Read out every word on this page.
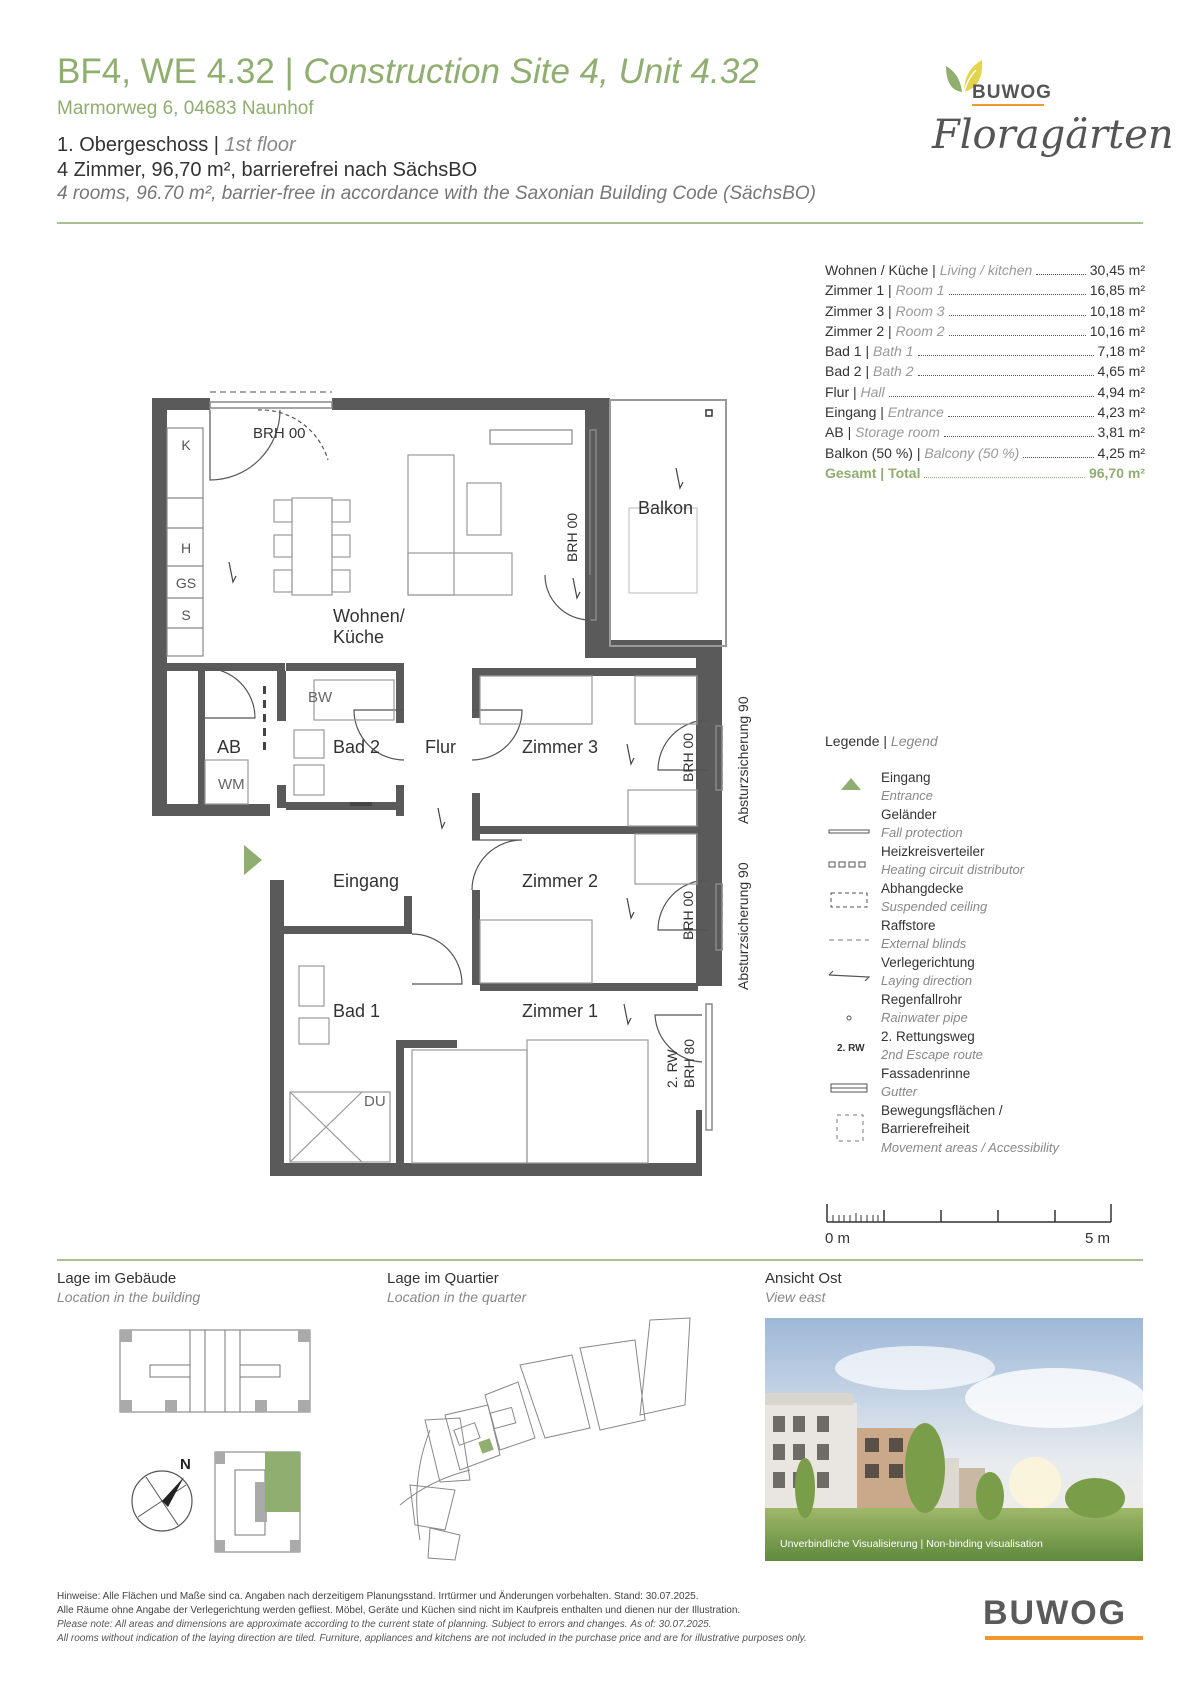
BF4, WE 4.32 | Construction Site 4, Unit 4.32
Marmorweg 6, 04683 Naunhof
1. Obergeschoss | 1st floor
4 Zimmer, 96,70 m², barrierefrei nach SächsBO
4 rooms, 96.70 m², barrier-free in accordance with the Saxonian Building Code (SächsBO)
BUWOG
Floragärten
Wohnen / Küche | Living / kitchen	30,45 m²
Zimmer 1 | Room 1	16,85 m²
Zimmer 3 | Room 3	10,18 m²
Zimmer 2 | Room 2	10,16 m²
Bad 1 | Bath 1	7,18 m²
Bad 2 | Bath 2	4,65 m²
Flur | Hall	4,94 m²
Eingang | Entrance	4,23 m²
AB | Storage room	3,81 m²
Balkon (50 %) | Balcony (50 %)	4,25 m²
Gesamt | Total	96,70 m²
K
H
GS
S	Wohnen/
Küche
Balkon
AB	Bad 2 Flur	Zimmer 3
Eingang	Zimmer 2
Bad 1	Zimmer 1
WM
BW
DU
BRH 00
BRH 00
BRH 00
BRH 00
2. RW BRH 80
Absturzsicherung 90
Absturzsicherung 90
Legende | Legend
Eingang
Entrance
Geländer
Fall protection
Heizkreisverteiler
Heating circuit distributor
Abhangdecke
Suspended ceiling
Raffstore
External blinds
Verlegerichtung
Laying direction
Regenfallrohr
Rainwater pipe
2. RW
2. Rettungsweg
2nd Escape route
Fassadenrinne
Gutter
Bewegungsflächen /
Barrierefreiheit
Movement areas / Accessibility
0 m	5 m
Lage im Gebäude
Location in the building
Lage im Quartier
Location in the quarter
Ansicht Ost
View east
N
Unverbindliche Visualisierung | Non-binding visualisation
Hinweise: Alle Flächen und Maße sind ca. Angaben nach derzeitigem Planungsstand. Irrtürmer und Änderungen vorbehalten. Stand: 30.07.2025.
Alle Räume ohne Angabe der Verlegerichtung werden gefliest. Möbel, Geräte und Küchen sind nicht im Kaufpreis enthalten und dienen nur der Illustration.
Please note: All areas and dimensions are approximate according to the current state of planning. Subject to errors and changes. As of: 30.07.2025.
All rooms without indication of the laying direction are tiled. Furniture, appliances and kitchens are not included in the purchase price and are for illustrative purposes only.
BUWOG
